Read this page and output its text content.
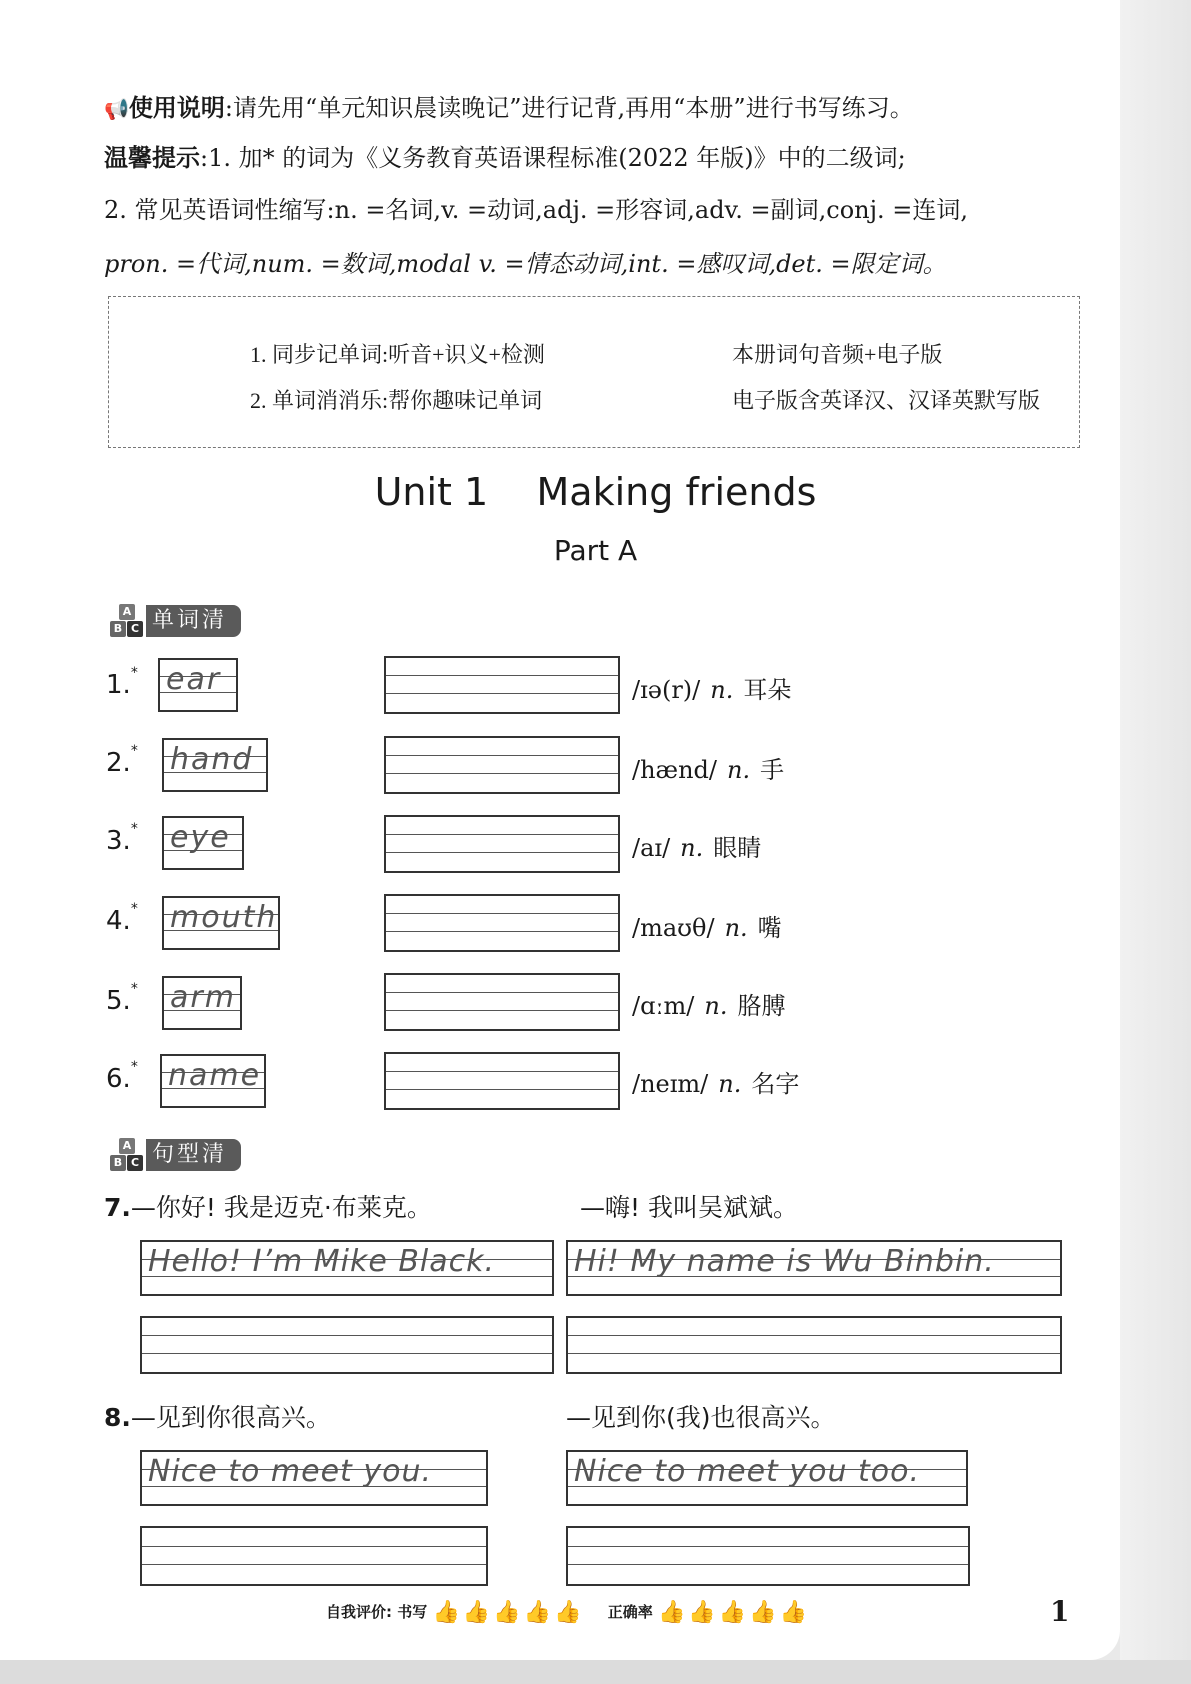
📢使用说明:请先用“单元知识晨读晚记”进行记背,再用“本册”进行书写练习。
温馨提示:1. 加* 的词为《义务教育英语课程标准(2022 年版)》中的二级词;
2. 常见英语词性缩写:n. =名词,v. =动词,adj. =形容词,adv. =副词,conj. =连词,
pron. =代词,num. =数词,modal v. =情态动词,int. =感叹词,det. =限定词。
1. 同步记单词:听音+识义+检测	本册词句音频+电子版
2. 单词消消乐:帮你趣味记单词	电子版含英译汉、汉译英默写版
Unit 1    Making friends
Part A
A
B C 单词清
1.* ear	/ɪə(r)/ n. 耳朵
2.* hand	/hænd/ n. 手
3.* eye	/aɪ/ n. 眼睛
4.* mouth	/maʊθ/ n. 嘴
5.* arm	/ɑːm/ n. 胳膊
6.* name	/neɪm/ n. 名字
A
B C 句型清
7.—你好! 我是迈克·布莱克。	—嗨! 我叫吴斌斌。
Hello! I’m Mike Black.	Hi! My name is Wu Binbin.
8.—见到你很高兴。	—见到你(我)也很高兴。
Nice to meet you.	Nice to meet you too.
自我评价: 书写 👍 👍 👍 👍 👍 正确率 👍 👍 👍 👍 👍	1
